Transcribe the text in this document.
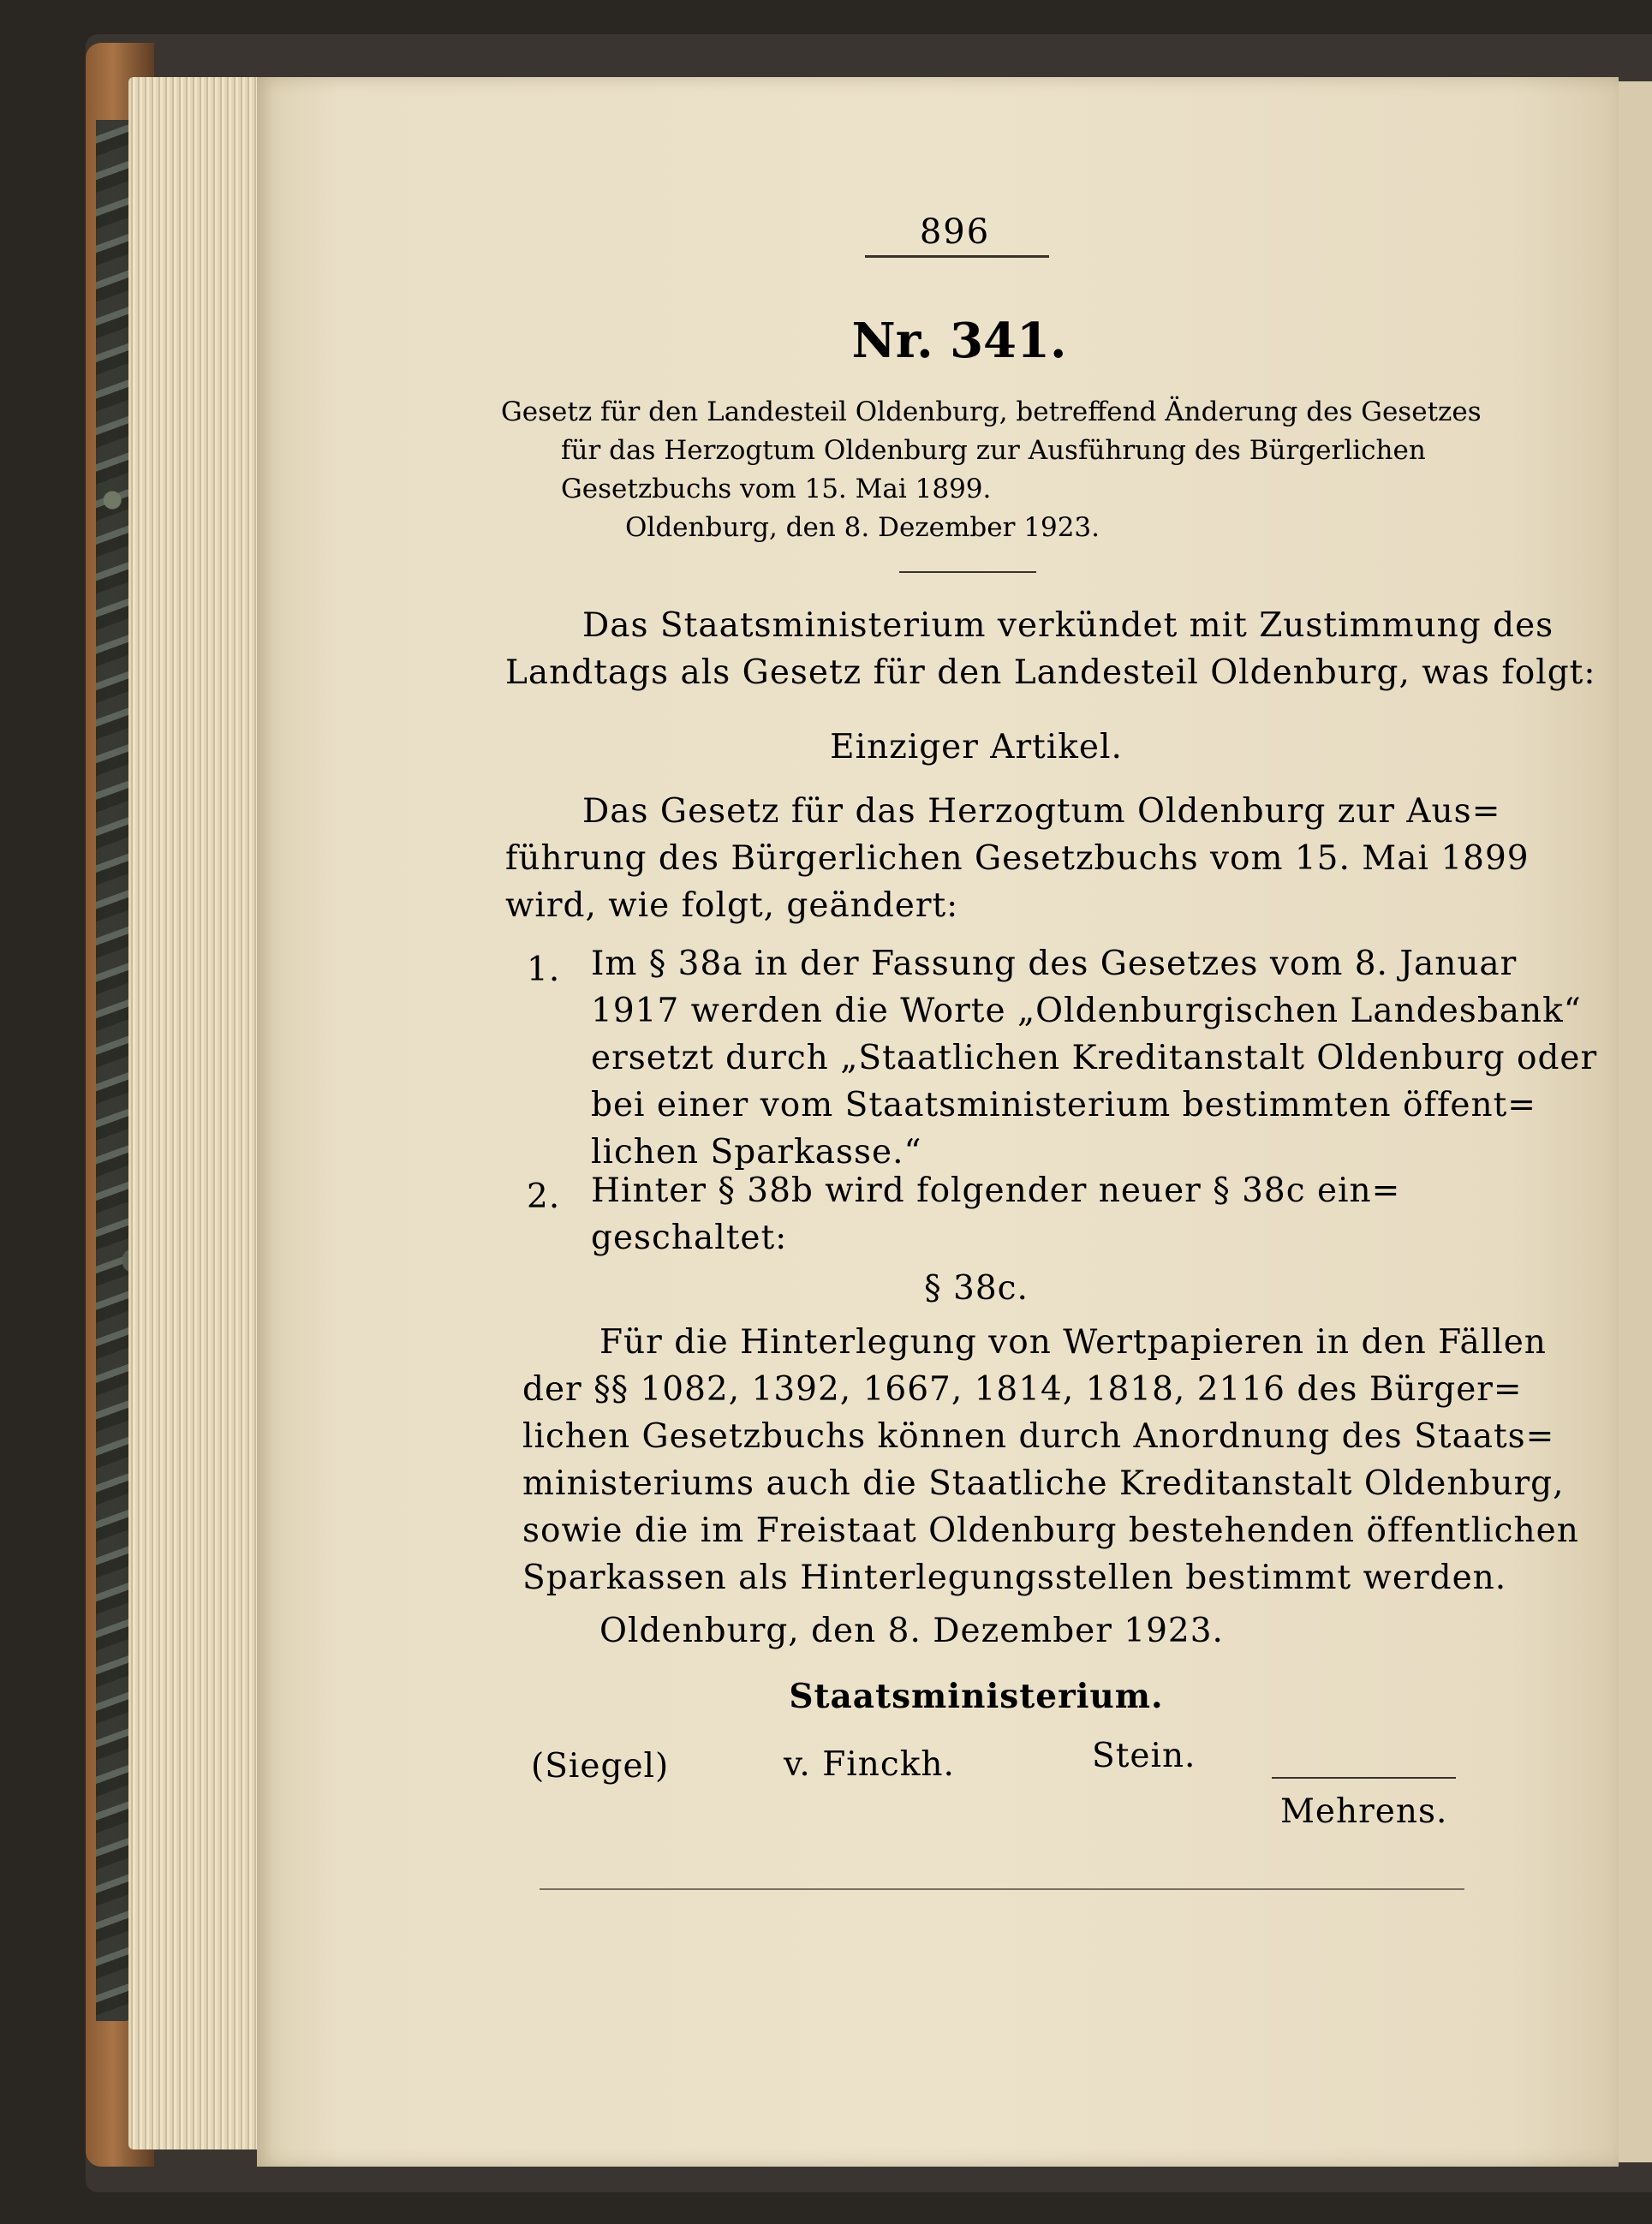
896
Nr. 341.
Gesetz für den Landesteil Oldenburg, betreffend Änderung des Gesetzes
für das Herzogtum Oldenburg zur Ausführung des Bürgerlichen
Gesetzbuchs vom 15. Mai 1899.
Oldenburg, den 8. Dezember 1923.
Das Staatsministerium verkündet mit Zustimmung des
Landtags als Gesetz für den Landesteil Oldenburg, was folgt:
Einziger Artikel.
Das Gesetz für das Herzogtum Oldenburg zur Aus=
führung des Bürgerlichen Gesetzbuchs vom 15. Mai 1899
wird, wie folgt, geändert:
1. Im § 38a in der Fassung des Gesetzes vom 8. Januar
1917 werden die Worte „Oldenburgischen Landesbank“
ersetzt durch „Staatlichen Kreditanstalt Oldenburg oder
bei einer vom Staatsministerium bestimmten öffent=
lichen Sparkasse.“
2. Hinter § 38b wird folgender neuer § 38c ein=
geschaltet:
§ 38c.
Für die Hinterlegung von Wertpapieren in den Fällen
der §§ 1082, 1392, 1667, 1814, 1818, 2116 des Bürger=
lichen Gesetzbuchs können durch Anordnung des Staats=
ministeriums auch die Staatliche Kreditanstalt Oldenburg,
sowie die im Freistaat Oldenburg bestehenden öffentlichen
Sparkassen als Hinterlegungsstellen bestimmt werden.
Oldenburg, den 8. Dezember 1923.
Staatsministerium.
(Siegel)	v. Finckh.	Stein.
Mehrens.
